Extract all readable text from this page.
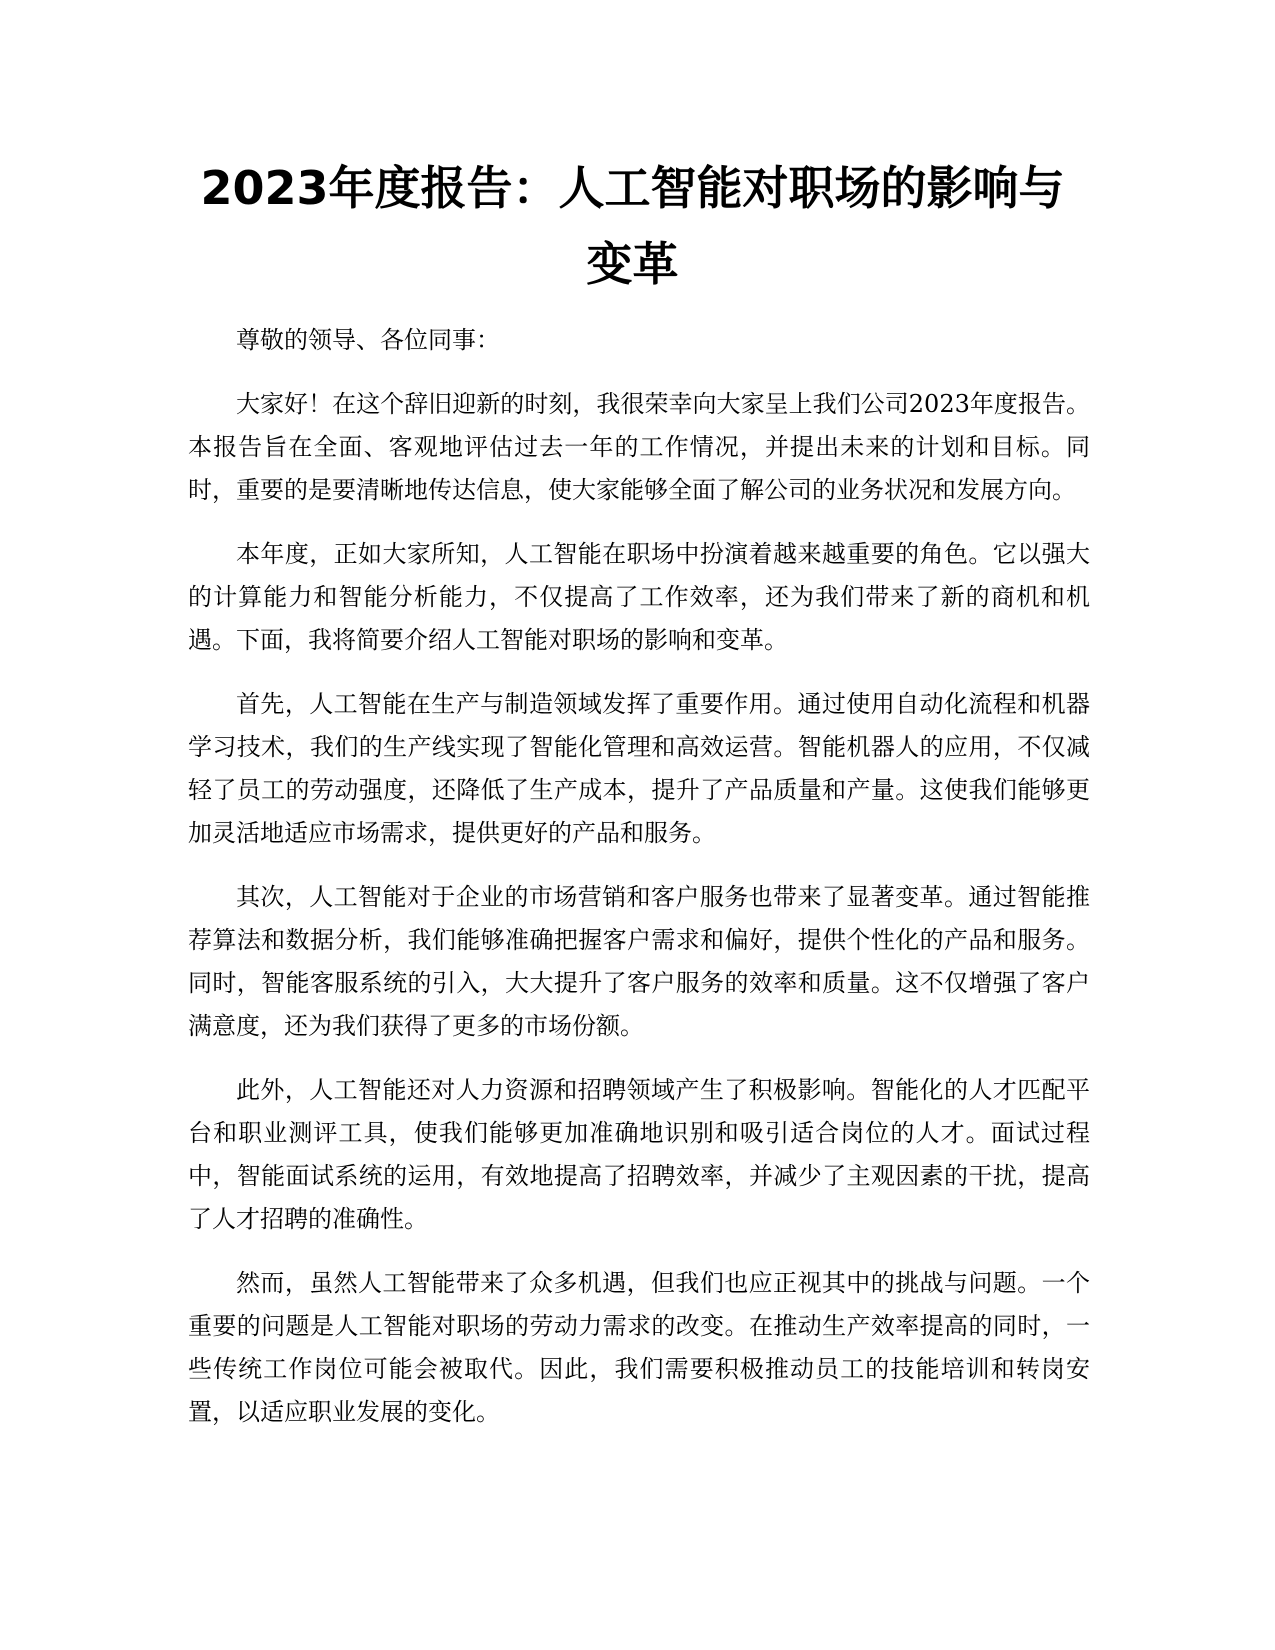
2023年度报告：人工智能对职场的影响与变革

尊敬的领导、各位同事：

大家好！在这个辞旧迎新的时刻，我很荣幸向大家呈上我们公司2023年度报告。本报告旨在全面、客观地评估过去一年的工作情况，并提出未来的计划和目标。同时，重要的是要清晰地传达信息，使大家能够全面了解公司的业务状况和发展方向。

本年度，正如大家所知，人工智能在职场中扮演着越来越重要的角色。它以强大的计算能力和智能分析能力，不仅提高了工作效率，还为我们带来了新的商机和机遇。下面，我将简要介绍人工智能对职场的影响和变革。

首先，人工智能在生产与制造领域发挥了重要作用。通过使用自动化流程和机器学习技术，我们的生产线实现了智能化管理和高效运营。智能机器人的应用，不仅减轻了员工的劳动强度，还降低了生产成本，提升了产品质量和产量。这使我们能够更加灵活地适应市场需求，提供更好的产品和服务。

其次，人工智能对于企业的市场营销和客户服务也带来了显著变革。通过智能推荐算法和数据分析，我们能够准确把握客户需求和偏好，提供个性化的产品和服务。同时，智能客服系统的引入，大大提升了客户服务的效率和质量。这不仅增强了客户满意度，还为我们获得了更多的市场份额。

此外，人工智能还对人力资源和招聘领域产生了积极影响。智能化的人才匹配平台和职业测评工具，使我们能够更加准确地识别和吸引适合岗位的人才。面试过程中，智能面试系统的运用，有效地提高了招聘效率，并减少了主观因素的干扰，提高了人才招聘的准确性。

然而，虽然人工智能带来了众多机遇，但我们也应正视其中的挑战与问题。一个重要的问题是人工智能对职场的劳动力需求的改变。在推动生产效率提高的同时，一些传统工作岗位可能会被取代。因此，我们需要积极推动员工的技能培训和转岗安置，以适应职业发展的变化。
